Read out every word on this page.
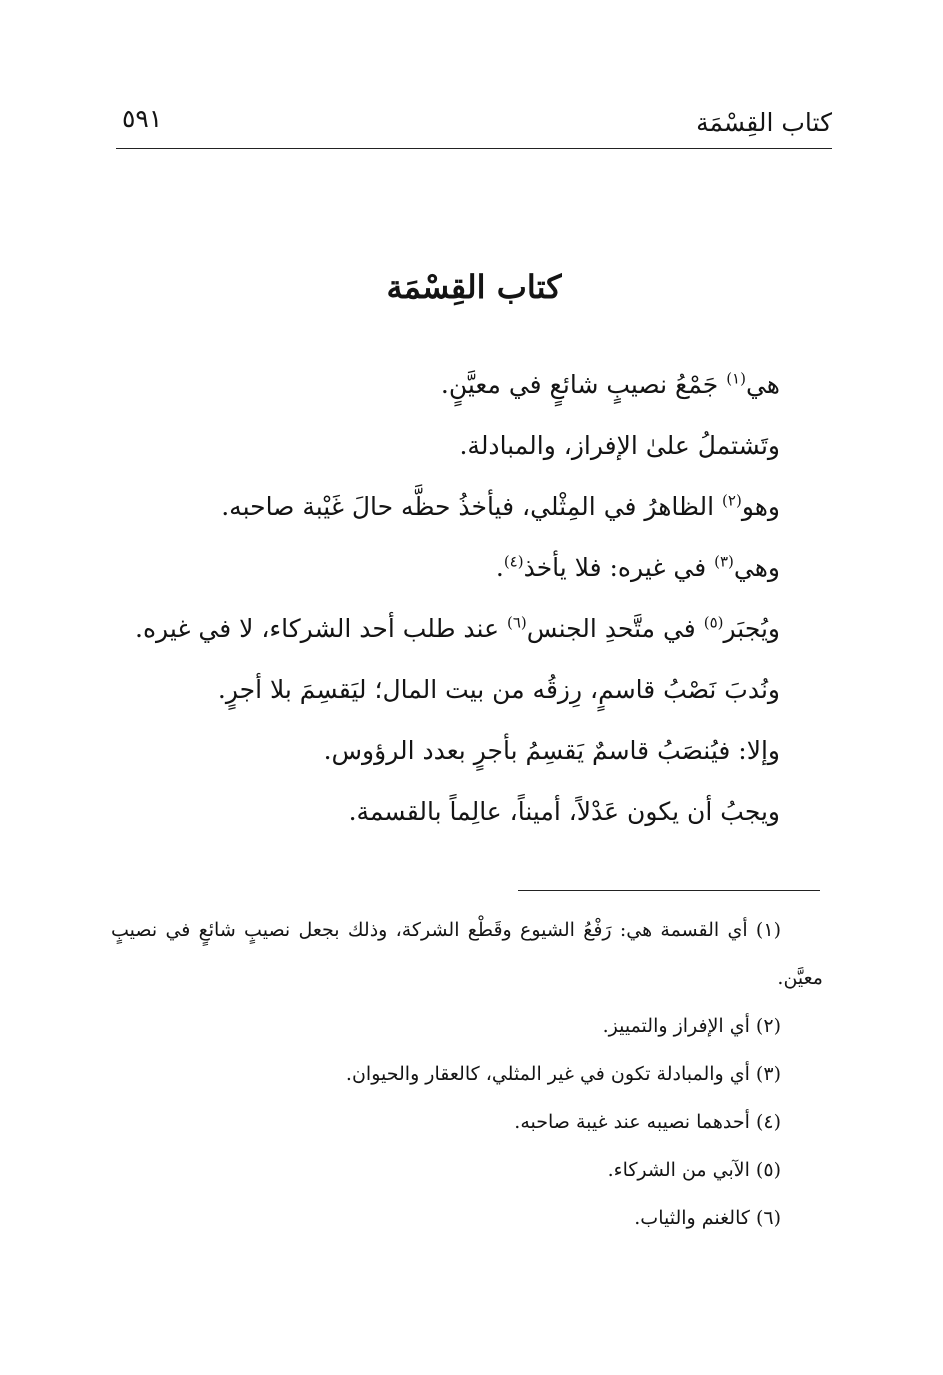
كتاب القِسْمَة
٥٩١
كتاب القِسْمَة
هي$^{(١)}$ جَمْعُ نصيبٍ شائعٍ في معيَّنٍ.
وتَشتملُ علىٰ الإفراز، والمبادلة.
وهو$^{(٢)}$ الظاهرُ في المِثْلي، فيأخذُ حظَّه حالَ غَيْبة صاحبه.
وهي$^{(٣)}$ في غيره: فلا يأخذ$^{(٤)}$.
ويُجبَر$^{(٥)}$ في متَّحدِ الجنس$^{(٦)}$ عند طلب أحد الشركاء، لا في غيره.
ونُدبَ نَصْبُ قاسمٍ، رِزقُه من بيت المال؛ ليَقسِمَ بلا أجرٍ.
وإلا: فيُنصَبُ قاسمٌ يَقسِمُ بأجرٍ بعدد الرؤوس.
ويجبُ أن يكون عَدْلاً، أميناً، عالِماً بالقسمة.
(١) أي القسمة هي: رَفْعُ الشيوع وقَطْع الشركة، وذلك بجعل نصيبٍ شائعٍ في نصيبٍ معيَّن.
(٢) أي الإفراز والتمييز.
(٣) أي والمبادلة تكون في غير المثلي، كالعقار والحيوان.
(٤) أحدهما نصيبه عند غيبة صاحبه.
(٥) الآبي من الشركاء.
(٦) كالغنم والثياب.
